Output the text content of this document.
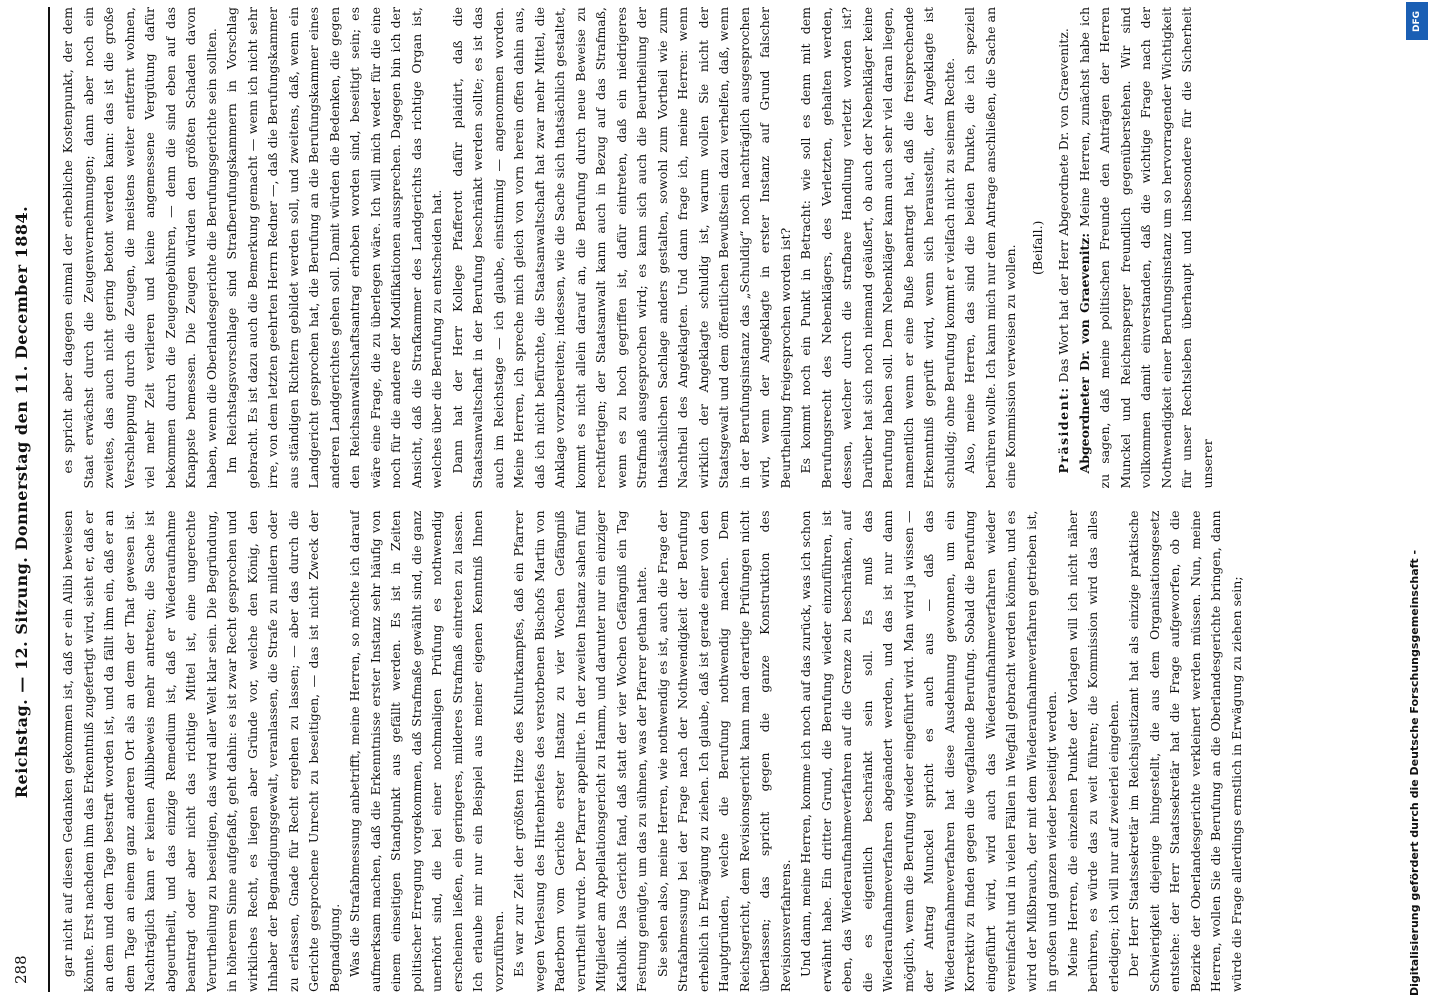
288
Reichstag. — 12. Sitzung. Donnerstag den 11. December 1884. gar nicht auf diesen Gedanken gekommen ist, daß er ein Alibi beweisen könnte. Erst nachdem ihm das Erkenntniß zugefertigt wird, sieht er, daß er an dem und dem Tage bestraft worden ist, und da fällt ihm ein, daß er an dem Tage an einem ganz anderen Ort als an dem der That gewesen ist. Nachträglich kann er keinen Alibibeweis mehr antreten; die Sache ist abgeurtheilt, und das einzige Remedium ist, daß er Wiederaufnahme beantragt oder aber nicht das richtige Mittel ist, eine ungerechte Verurtheilung zu beseitigen, das wird aller Welt klar sein. Die Begründung, in höherem Sinne aufgefaßt, geht dahin: es ist zwar Recht gesprochen und wirkliches Recht, es liegen aber Gründe vor, welche den König, den Inhaber der Begnadigungsgewalt, veranlassen, die Strafe zu mildern oder zu erlassen, Gnade für Recht ergehen zu lassen; — aber das durch die Gerichte gesprochene Unrecht zu beseitigen, — das ist nicht Zweck der Begnadigung. Was die Strafabmessung anbetrifft, meine Herren, so möchte ich darauf aufmerksam machen, daß die Erkenntnisse erster Instanz sehr häufig von einem einseitigen Standpunkt aus gefällt werden. Es ist in Zeiten politischer Erregung vorgekommen, daß Strafmaße gewählt sind, die ganz unerhört sind, die bei einer nochmaligen Prüfung es nothwendig erscheinen ließen, ein geringeres, milderes Strafmaß eintreten zu lassen. Ich erlaube mir nur ein Beispiel aus meiner eigenen Kenntniß Ihnen vorzuführen. Es war zur Zeit der größten Hitze des Kulturkampfes, daß ein Pfarrer wegen Verlesung des Hirtenbriefes des verstorbenen Bischofs Martin von Paderborn vom Gerichte erster Instanz zu vier Wochen Gefängniß verurtheilt wurde. Der Pfarrer appellirte. In der zweiten Instanz sahen fünf Mitglieder am Appellationsgericht zu Hamm, und darunter nur ein einziger Katholik. Das Gericht fand, daß statt der vier Wochen Gefängniß ein Tag Festung genügte, um das zu sühnen, was der Pfarrer gethan hatte. Sie sehen also, meine Herren, wie nothwendig es ist, auch die Frage der Strafabmessung bei der Frage nach der Nothwendigkeit der Berufung erheblich in Erwägung zu ziehen. Ich glaube, daß ist gerade einer von den Hauptgründen, welche die Berufung nothwendig machen. Dem Reichsgericht, dem Revisionsgericht kann man derartige Prüfungen nicht überlassen; das spricht gegen die ganze Konstruktion des Revisionsverfahrens. Und dann, meine Herren, komme ich noch auf das zurück, was ich schon erwähnt habe. Ein dritter Grund, die Berufung wieder einzuführen, ist eben, das Wiederaufnahmeverfahren auf die Grenze zu beschränken, auf die es eigentlich beschränkt sein soll. Es muß das Wiederaufnahmeverfahren abgeändert werden, und das ist nur dann möglich, wenn die Berufung wieder eingeführt wird. Man wird ja wissen — der Antrag Munckel spricht es auch aus — daß das Wiederaufnahmeverfahren hat diese Ausdehnung gewonnen, um ein Korrektiv zu finden gegen die wegfallende Berufung. Sobald die Berufung eingeführt wird, wird auch das Wiederaufnahmeverfahren wieder vereinfacht und in vielen Fällen in Wegfall gebracht werden können, und es wird der Mißbrauch, der mit dem Wiederaufnahmeverfahren getrieben ist, in großen und ganzen wieder beseitigt werden. Meine Herren, die einzelnen Punkte der Vorlagen will ich nicht näher berühren, es würde das zu weit führen; die Kommission wird das alles erledigen; ich will nur auf zweierlei eingehen. Der Herr Staatssekretär im Reichsjustizamt hat als einzige praktische Schwierigkeit diejenige hingestellt, die aus dem Organisationsgesetz entstehe: der Herr Staatssekretär hat die Frage aufgeworfen, ob die Bezirke der Oberlandesgerichte verkleinert werden müssen. Nun, meine Herren, wollen Sie die Berufung an die Oberlandesgerichte bringen, dann würde die Frage allerdings ernstlich in Erwägung zu ziehen sein;

es spricht aber dagegen einmal der erhebliche Kostenpunkt, der dem Staat erwächst durch die Zeugenvernehmungen; dann aber noch ein zweites, das auch nicht gering betont werden kann: das ist die große Verschleppung durch die Zeugen, die meistens weiter entfernt wohnen, viel mehr Zeit verlieren und keine angemessene Vergütung dafür bekommen durch die Zeugengebühren, — denn die sind eben auf das Knappste bemessen. Die Zeugen würden den größten Schaden davon haben, wenn die Oberlandesgerichte die Berufungsgerichte sein sollten. Im Reichstagsvorschlage sind Strafberufungskammern in Vorschlag gebracht. Es ist dazu auch die Bemerkung gemacht — wenn ich nicht sehr irre, von dem letzten geehrten Herrn Redner —, daß die Berufungskammer aus ständigen Richtern gebildet werden soll, und zweitens, daß, wenn ein Landgericht gesprochen hat, die Berufung an die Berufungskammer eines anderen Landgerichtes gehen soll. Damit würden die Bedenken, die gegen den Reichsanwaltschaftsantrag erhoben worden sind, beseitigt sein; es wäre eine Frage, die zu überlegen wäre. Ich will mich weder für die eine noch für die andere der Modifikationen aussprechen. Dagegen bin ich der Ansicht, daß die Strafkammer des Landgerichts das richtige Organ ist, welches über die Berufung zu entscheiden hat. Dann hat der Herr Kollege Pfafferott dafür plaidirt, daß die Staatsanwaltschaft in der Berufung beschränkt werden sollte; es ist das auch im Reichstage — ich glaube, einstimmig — angenommen worden. Meine Herren, ich spreche mich gleich von vorn herein offen dahin aus, daß ich nicht befürchte, die Staatsanwaltschaft hat zwar mehr Mittel, die Anklage vorzubereiten; indessen, wie die Sache sich thatsächlich gestaltet, kommt es nicht allein darauf an, die Berufung durch neue Beweise zu rechtfertigen; der Staatsanwalt kann auch in Bezug auf das Strafmaß, wenn es zu hoch gegriffen ist, dafür eintreten, daß ein niedrigeres Strafmaß ausgesprochen wird; es kann sich auch die Beurtheilung der thatsächlichen Sachlage anders gestalten, sowohl zum Vortheil wie zum Nachtheil des Angeklagten. Und dann frage ich, meine Herren: wenn wirklich der Angeklagte schuldig ist, warum wollen Sie nicht der Staatsgewalt und dem öffentlichen Bewußtsein dazu verhelfen, daß, wenn in der Berufungsinstanz das „Schuldig“ noch nachträglich ausgesprochen wird, wenn der Angeklagte in erster Instanz auf Grund falscher Beurtheilung freigesprochen worden ist? Es kommt noch ein Punkt in Betracht: wie soll es denn mit dem Berufungsrecht des Nebenklägers, des Verletzten, gehalten werden, dessen, welcher durch die strafbare Handlung verletzt worden ist? Darüber hat sich noch niemand geäußert, ob auch der Nebenkläger keine Berufung haben soll. Dem Nebenkläger kann auch sehr viel daran liegen, namentlich wenn er eine Buße beantragt hat, daß die freisprechende Erkenntniß geprüft wird, wenn sich herausstellt, der Angeklagte ist schuldig; ohne Berufung kommt er vielfach nicht zu seinem Rechte. Also, meine Herren, das sind die beiden Punkte, die ich speziell berühren wollte. Ich kann mich nur dem Antrage anschließen, die Sache an eine Kommission verweisen zu wollen. (Beifall.)

Präsident: Das Wort hat der Herr Abgeordnete Dr. von Graevenitz. Abgeordneter Dr. von Graevenitz: Meine Herren, zunächst habe ich zu sagen, daß meine politischen Freunde den Anträgen der Herren Munckel und Reichensperger freundlich gegenüberstehen. Wir sind vollkommen damit einverstanden, daß die wichtige Frage nach der Nothwendigkeit einer Berufungsinstanz um so hervorragender Wichtigkeit für unser Rechtsleben überhaupt und insbesondere für die Sicherheit unserer

Digitalisierung gefördert durch die Deutsche Forschungsgemeinschaft -
DFG
